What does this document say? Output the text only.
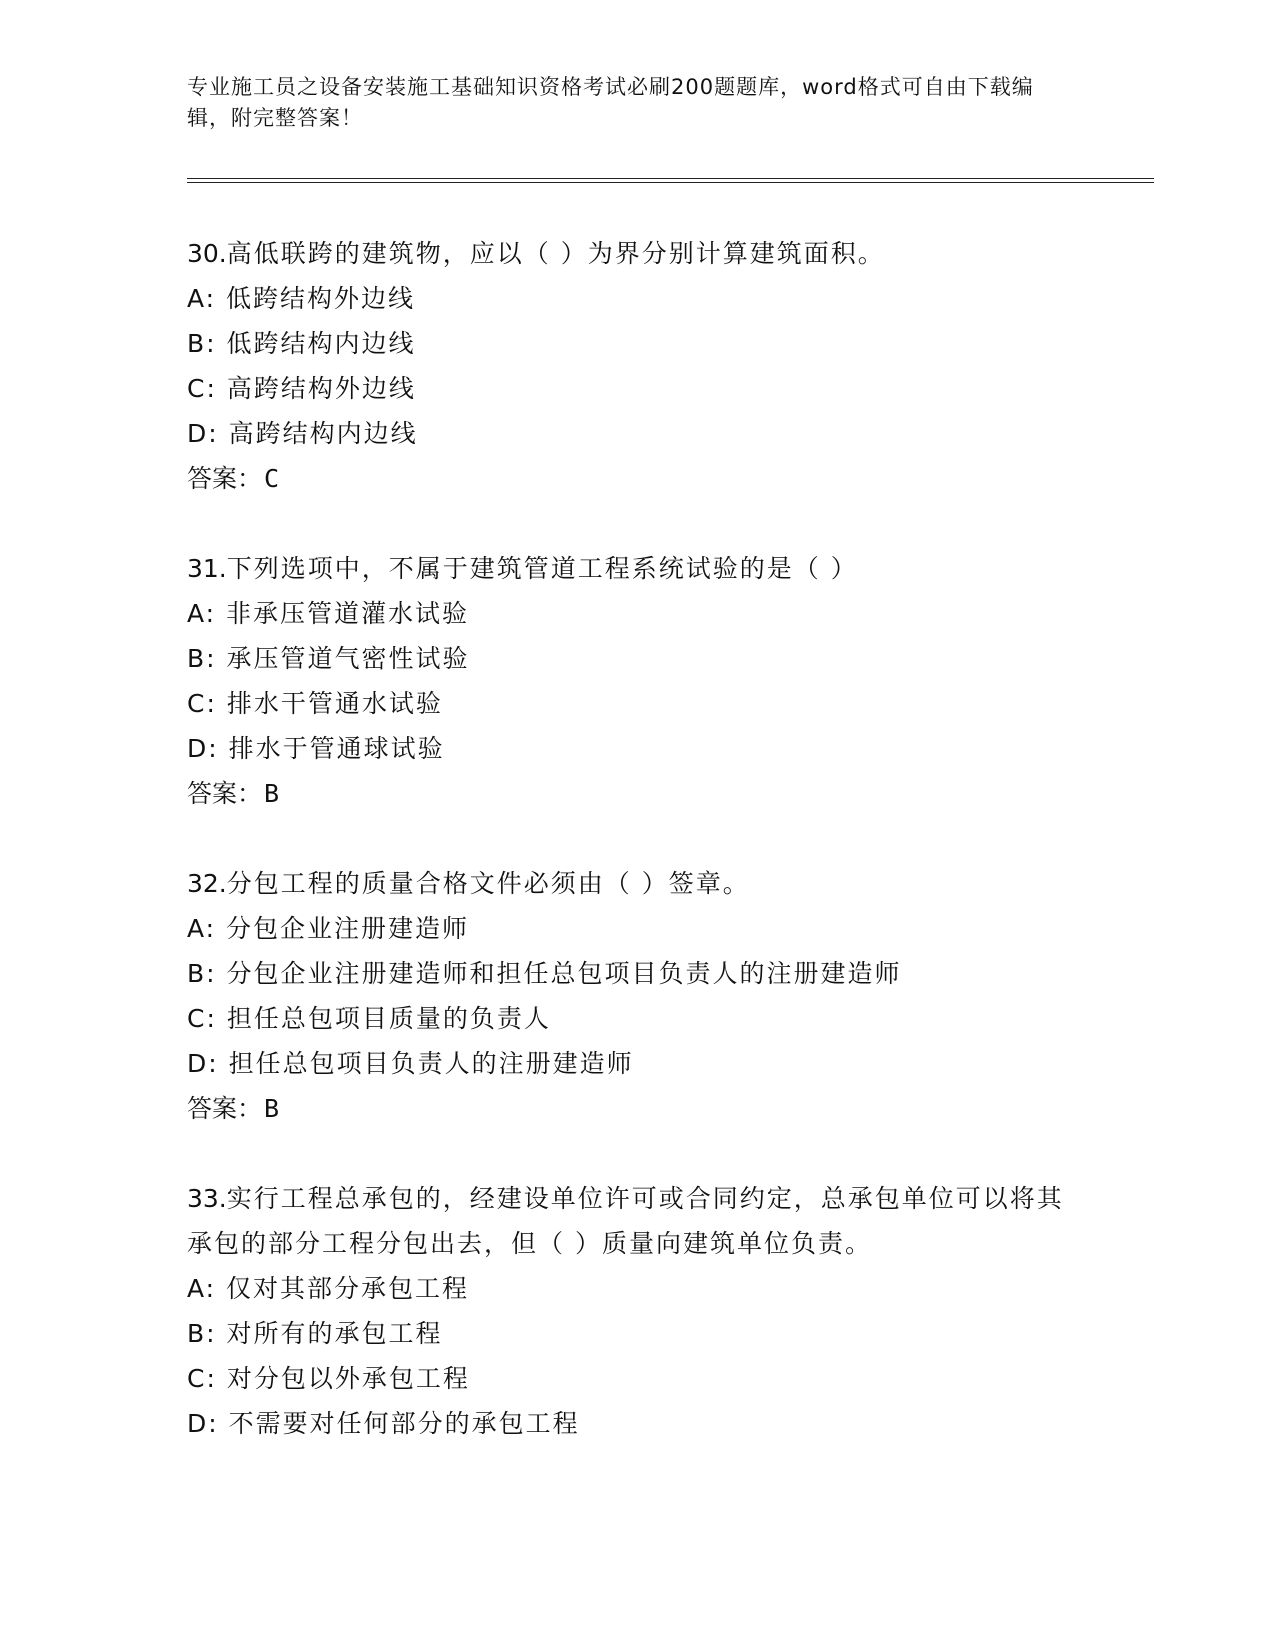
专业施工员之设备安装施工基础知识资格考试必刷200题题库，word格式可自由下载编辑，附完整答案！
30.高低联跨的建筑物，应以（ ）为界分别计算建筑面积。
A: 低跨结构外边线
B: 低跨结构内边线
C: 高跨结构外边线
D: 高跨结构内边线
答案：C
31.下列选项中，不属于建筑管道工程系统试验的是（ ）
A: 非承压管道灌水试验
B: 承压管道气密性试验
C: 排水干管通水试验
D: 排水于管通球试验
答案：B
32.分包工程的质量合格文件必须由（ ）签章。
A: 分包企业注册建造师
B: 分包企业注册建造师和担任总包项目负责人的注册建造师
C: 担任总包项目质量的负责人
D: 担任总包项目负责人的注册建造师
答案：B
33.实行工程总承包的，经建设单位许可或合同约定，总承包单位可以将其承包的部分工程分包出去，但（ ）质量向建筑单位负责。
A: 仅对其部分承包工程
B: 对所有的承包工程
C: 对分包以外承包工程
D: 不需要对任何部分的承包工程
